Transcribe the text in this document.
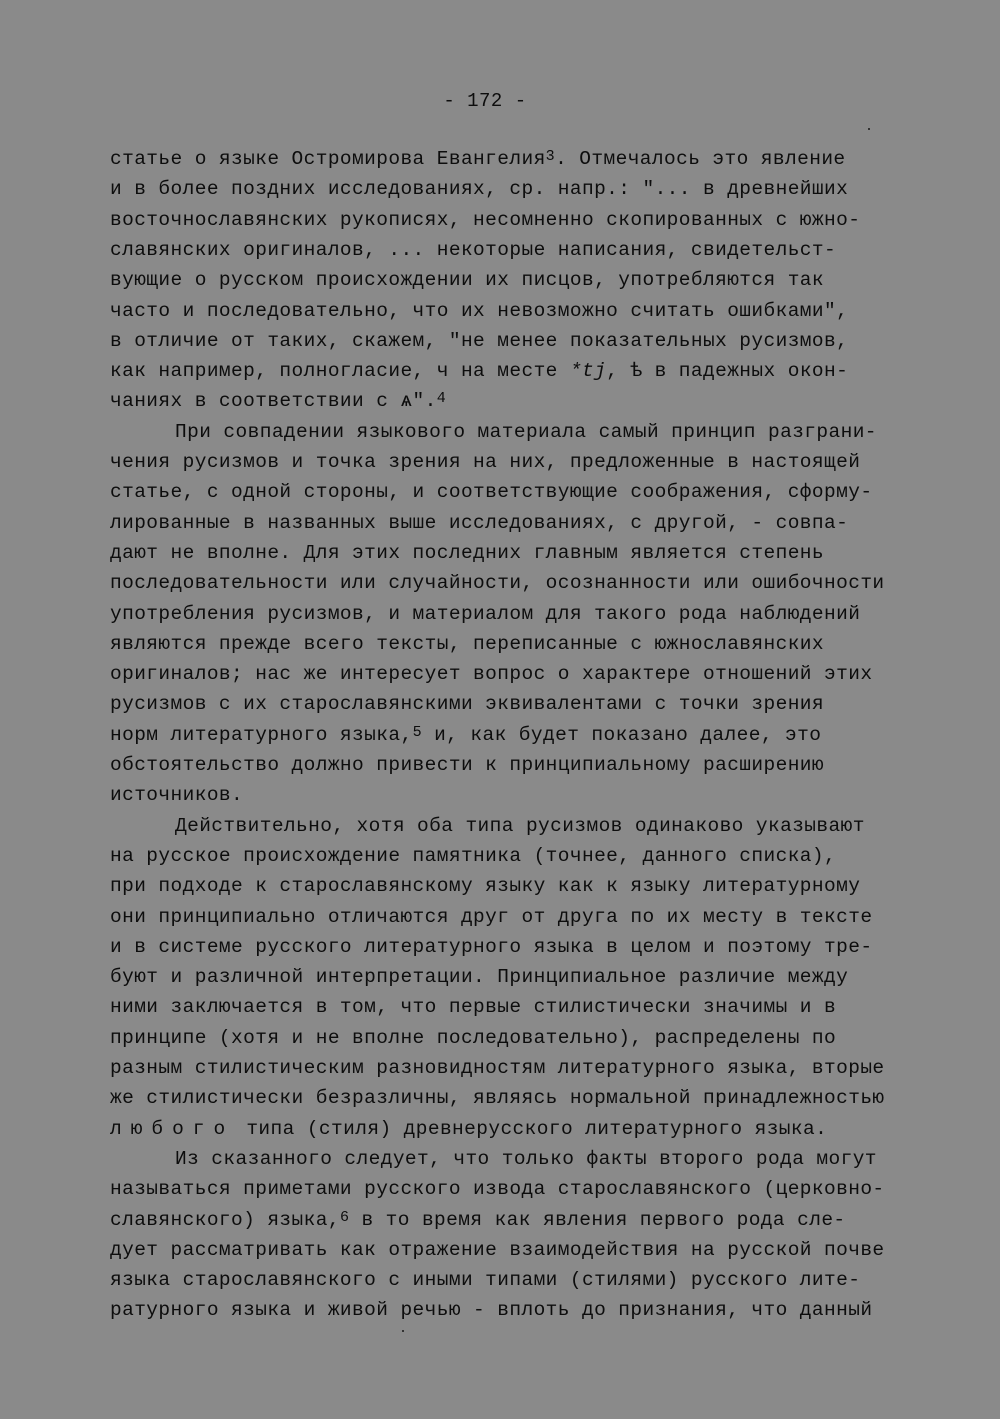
- 172 -
статье о языке Остромирова Евангелия$^3$. Отмечалось это явление
и в более поздних исследованиях, ср. напр.: "... в древнейших
восточнославянских рукописях, несомненно скопированных с южно-
славянских оригиналов, ... некоторые написания, свидетельст-
вующие о русском происхождении их писцов, употребляются так
часто и последовательно, что их невозможно считать ошибками",
в отличие от таких, скажем, "не менее показательных русизмов,
как например, полногласие, ч на месте *tj, ѣ в падежных окон-
чаниях в соответствии с ѧ".$^4$
При совпадении языкового материала самый принцип разграни-
чения русизмов и точка зрения на них, предложенные в настоящей
статье, с одной стороны, и соответствующие соображения, сформу-
лированные в названных выше исследованиях, с другой, - совпа-
дают не вполне. Для этих последних главным является степень
последовательности или случайности, осознанности или ошибочности
употребления русизмов, и материалом для такого рода наблюдений
являются прежде всего тексты, переписанные с южнославянских
оригиналов; нас же интересует вопрос о характере отношений этих
русизмов с их старославянскими эквивалентами с точки зрения
норм литературного языка,$^5$ и, как будет показано далее, это
обстоятельство должно привести к принципиальному расширению
источников.
Действительно, хотя оба типа русизмов одинаково указывают
на русское происхождение памятника (точнее, данного списка),
при подходе к старославянскому языку как к языку литературному
они принципиально отличаются друг от друга по их месту в тексте
и в системе русского литературного языка в целом и поэтому тре-
буют и различной интерпретации. Принципиальное различие между
ними заключается в том, что первые стилистически значимы и в
принципе (хотя и не вполне последовательно), распределены по
разным стилистическим разновидностям литературного языка, вторые
же стилистически безразличны, являясь нормальной принадлежностью
любого типа (стиля) древнерусского литературного языка.
Из сказанного следует, что только факты второго рода могут
называться приметами русского извода старославянского (церковно-
славянского) языка,$^6$ в то время как явления первого рода сле-
дует рассматривать как отражение взаимодействия на русской почве
языка старославянского с иными типами (стилями) русского лите-
ратурного языка и живой речью - вплоть до признания, что данный
